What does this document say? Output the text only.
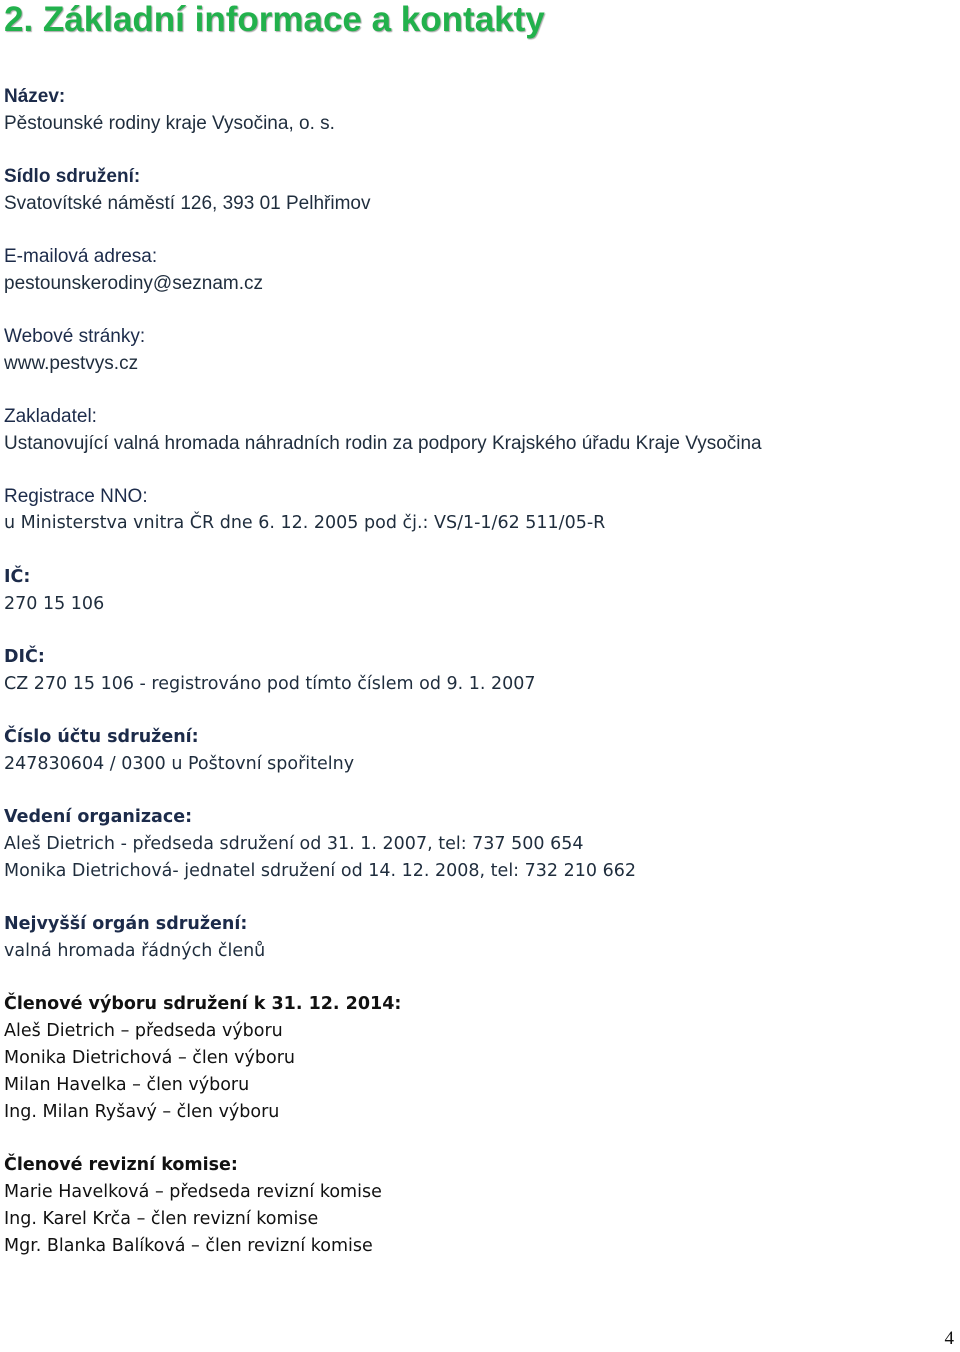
2. Základní informace a kontakty
Název:
Pěstounské rodiny kraje Vysočina, o. s.
Sídlo sdružení:
Svatovítské náměstí 126, 393 01 Pelhřimov
E-mailová adresa:
pestounskerodiny@seznam.cz
Webové stránky:
www.pestvys.cz
Zakladatel:
Ustanovující valná hromada náhradních rodin za podpory Krajského úřadu Kraje Vysočina
Registrace NNO:
u Ministerstva vnitra ČR dne 6. 12. 2005 pod čj.: VS/1-1/62 511/05-R
IČ:
270 15 106
DIČ:
CZ 270 15 106 - registrováno pod tímto číslem od 9. 1. 2007
Číslo účtu sdružení:
247830604 / 0300 u Poštovní spořitelny
Vedení organizace:
Aleš Dietrich - předseda sdružení od 31. 1. 2007, tel: 737 500 654
Monika Dietrichová- jednatel sdružení od 14. 12. 2008, tel: 732 210 662
Nejvyšší orgán sdružení:
valná hromada řádných členů
Členové výboru sdružení k 31. 12. 2014:
Aleš Dietrich – předseda výboru
Monika Dietrichová – člen výboru
Milan Havelka – člen výboru
Ing. Milan Ryšavý – člen výboru
Členové revizní komise:
Marie Havelková – předseda revizní komise
Ing. Karel Krča – člen revizní komise
Mgr. Blanka Balíková – člen revizní komise
4
